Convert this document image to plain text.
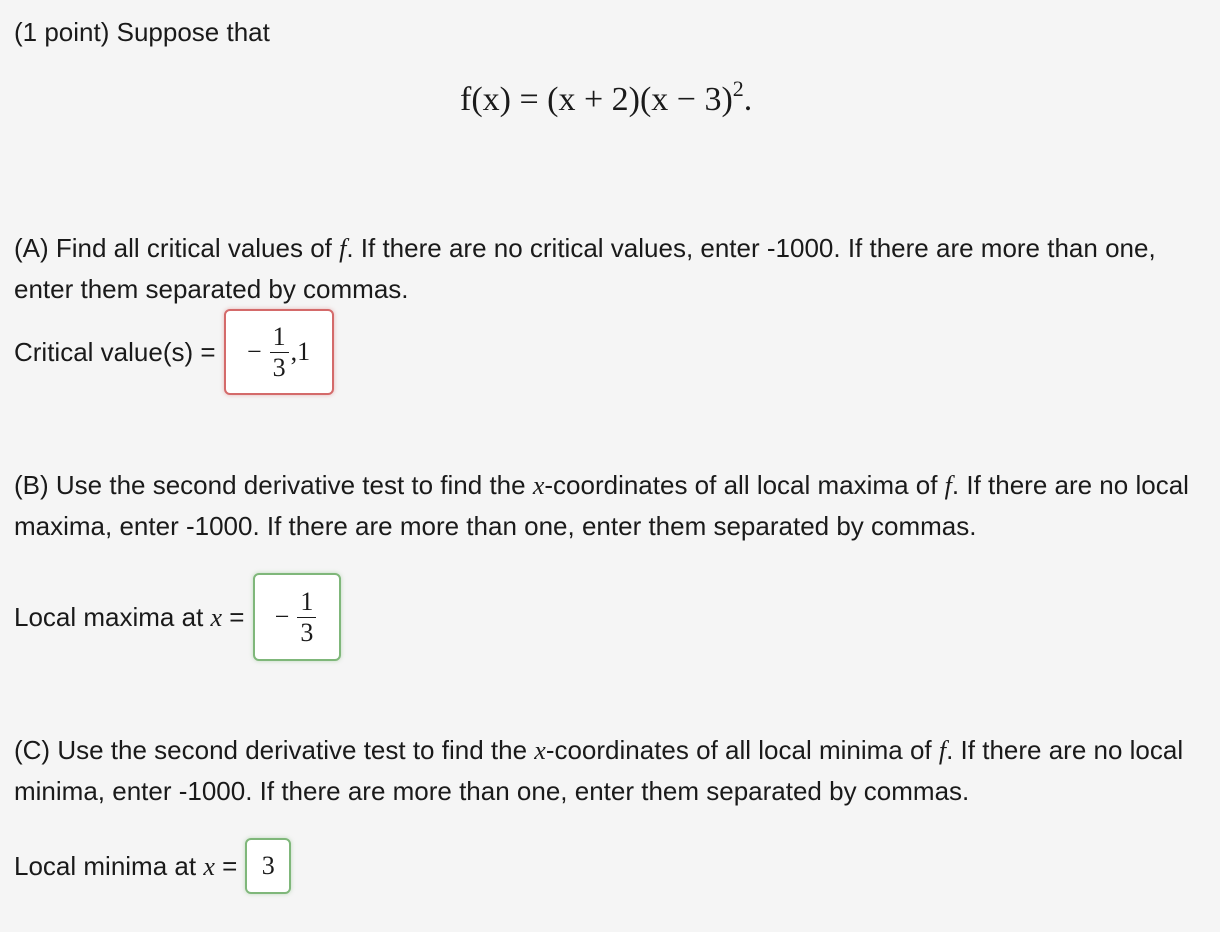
(1 point) Suppose that
$f(x) = (x + 2)(x - 3)^2$.
(A) Find all critical values of f. If there are no critical values, enter -1000. If there are more than one, enter them separated by commas.
Critical value(s) = − $\frac{1}{3} ,1$
(B) Use the second derivative test to find the x-coordinates of all local maxima of f. If there are no local maxima, enter -1000. If there are more than one, enter them separated by commas.
Local maxima at x = − $\frac{1}{3}$
(C) Use the second derivative test to find the x-coordinates of all local minima of f. If there are no local minima, enter -1000. If there are more than one, enter them separated by commas.
Local minima at x = 3
